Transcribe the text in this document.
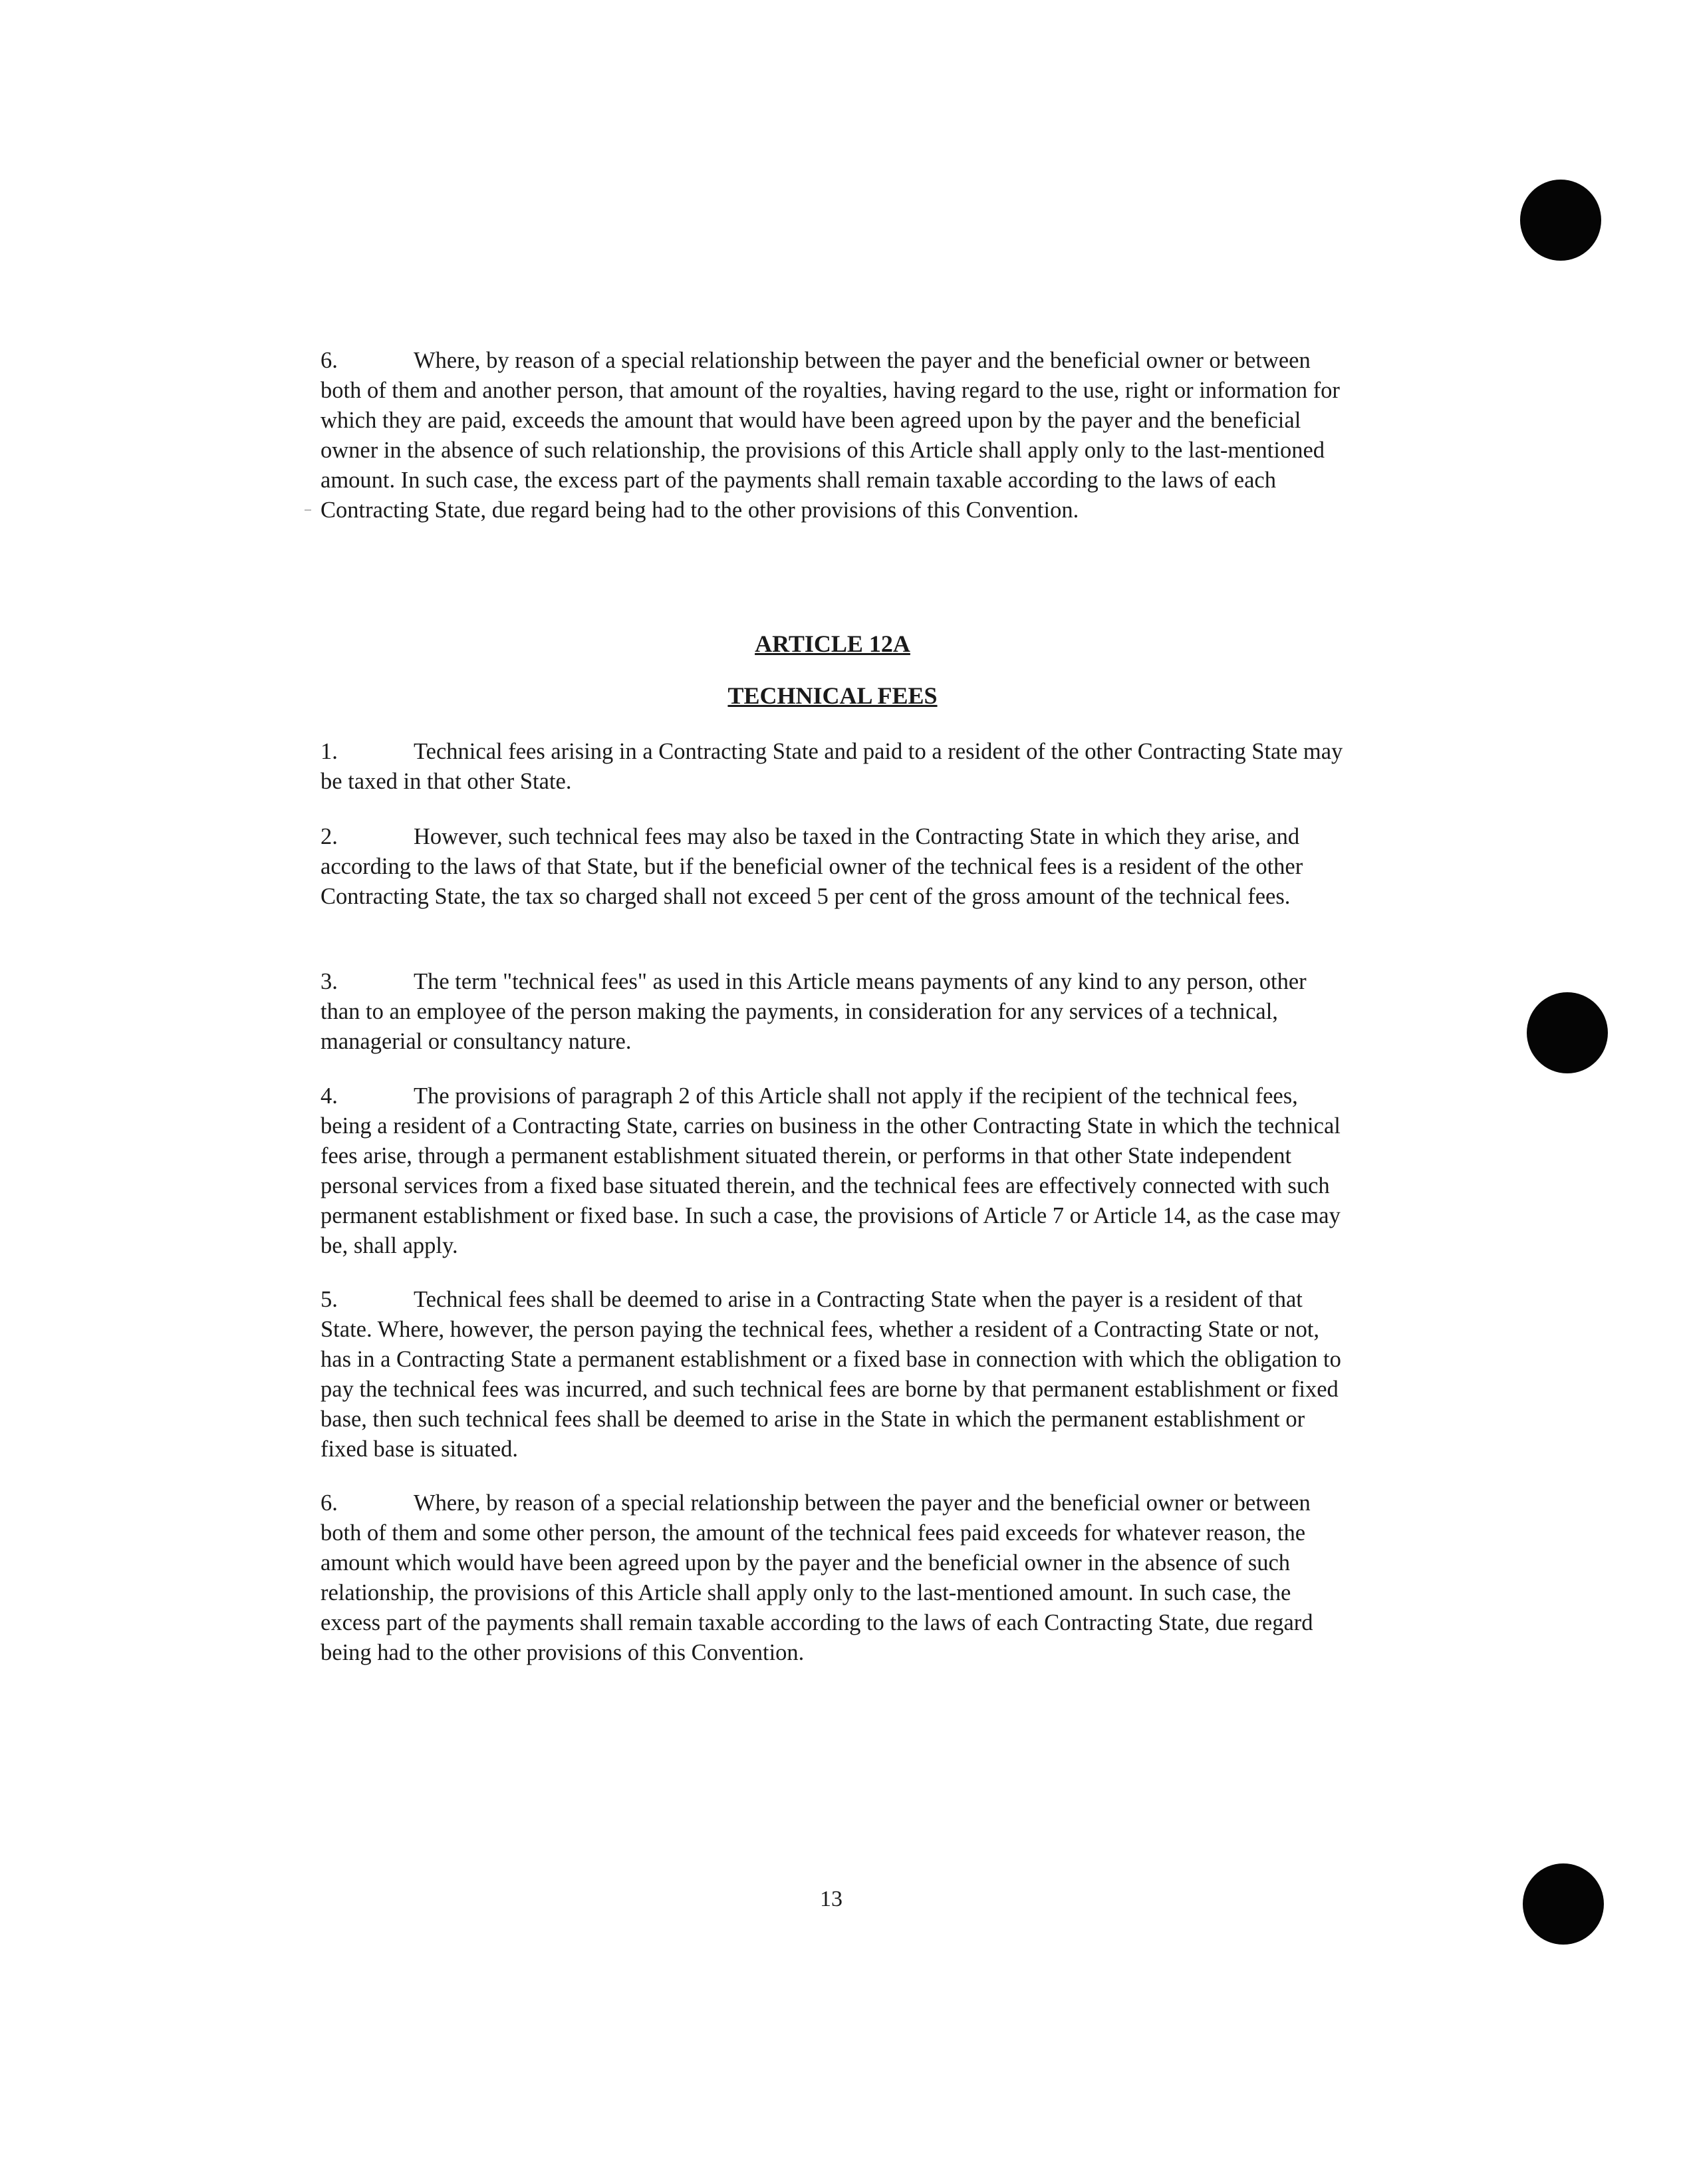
6.	Where, by reason of a special relationship between the payer and the beneficial owner or between both of them and another person, that amount of the royalties, having regard to the use, right or information for which they are paid, exceeds the amount that would have been agreed upon by the payer and the beneficial owner in the absence of such relationship, the provisions of this Article shall apply only to the last-mentioned amount. In such case, the excess part of the payments shall remain taxable according to the laws of each Contracting State, due regard being had to the other provisions of this Convention.

ARTICLE 12A
TECHNICAL FEES

1.	Technical fees arising in a Contracting State and paid to a resident of the other Contracting State may be taxed in that other State.

2.	However, such technical fees may also be taxed in the Contracting State in which they arise, and according to the laws of that State, but if the beneficial owner of the technical fees is a resident of the other Contracting State, the tax so charged shall not exceed 5 per cent of the gross amount of the technical fees.

3.	The term "technical fees" as used in this Article means payments of any kind to any person, other than to an employee of the person making the payments, in consideration for any services of a technical, managerial or consultancy nature.

4.	The provisions of paragraph 2 of this Article shall not apply if the recipient of the technical fees, being a resident of a Contracting State, carries on business in the other Contracting State in which the technical fees arise, through a permanent establishment situated therein, or performs in that other State independent personal services from a fixed base situated therein, and the technical fees are effectively connected with such permanent establishment or fixed base. In such a case, the provisions of Article 7 or Article 14, as the case may be, shall apply.

5.	Technical fees shall be deemed to arise in a Contracting State when the payer is a resident of that State. Where, however, the person paying the technical fees, whether a resident of a Contracting State or not, has in a Contracting State a permanent establishment or a fixed base in connection with which the obligation to pay the technical fees was incurred, and such technical fees are borne by that permanent establishment or fixed base, then such technical fees shall be deemed to arise in the State in which the permanent establishment or fixed base is situated.

6.	Where, by reason of a special relationship between the payer and the beneficial owner or between both of them and some other person, the amount of the technical fees paid exceeds for whatever reason, the amount which would have been agreed upon by the payer and the beneficial owner in the absence of such relationship, the provisions of this Article shall apply only to the last-mentioned amount. In such case, the excess part of the payments shall remain taxable according to the laws of each Contracting State, due regard being had to the other provisions of this Convention.

13
